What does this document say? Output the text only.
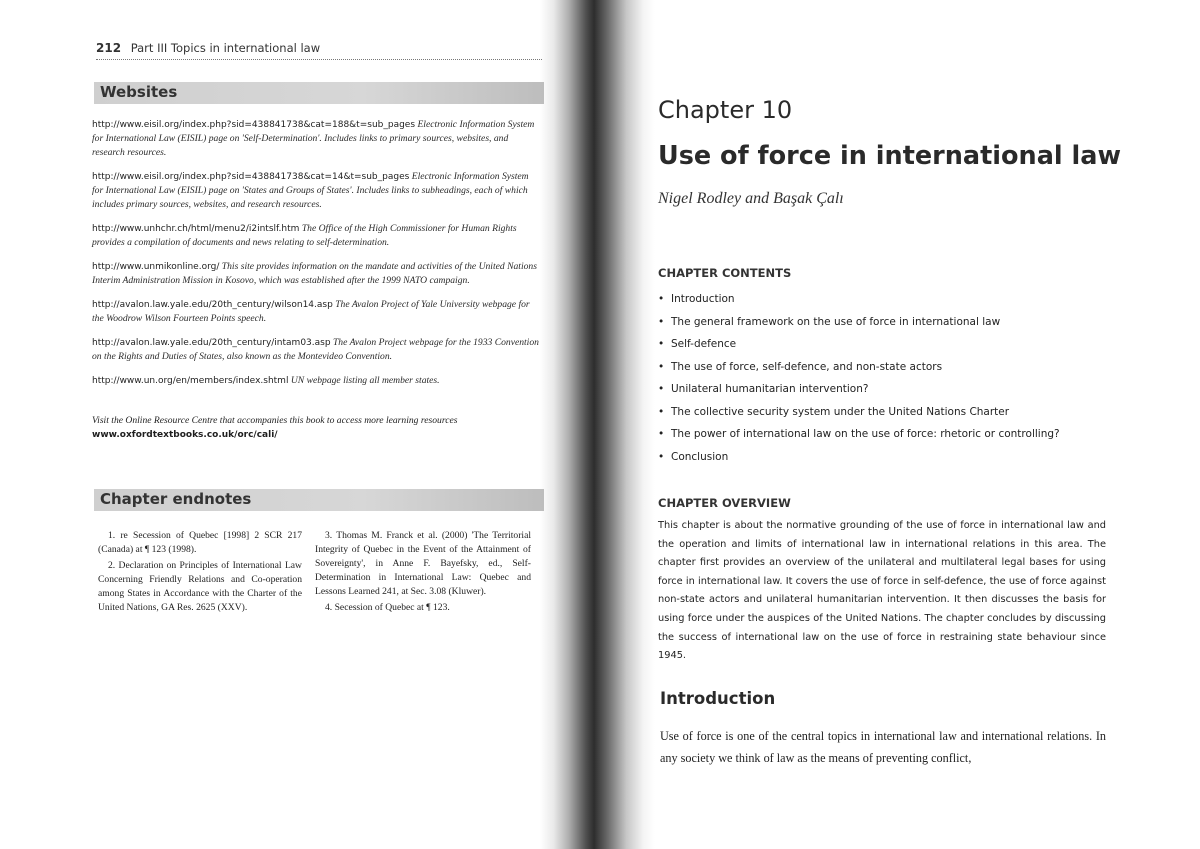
212 Part III Topics in international law
Websites

http://www.eisil.org/index.php?sid=438841738&cat=188&t=sub_pages Electronic Information System for International Law (EISIL) page on 'Self-Determination'. Includes links to primary sources, websites, and research resources.

http://www.eisil.org/index.php?sid=438841738&cat=14&t=sub_pages Electronic Information System for International Law (EISIL) page on 'States and Groups of States'. Includes links to subheadings, each of which includes primary sources, websites, and research resources.

http://www.unhchr.ch/html/menu2/i2intslf.htm The Office of the High Commissioner for Human Rights provides a compilation of documents and news relating to self-determination.

http://www.unmikonline.org/ This site provides information on the mandate and activities of the United Nations Interim Administration Mission in Kosovo, which was established after the 1999 NATO campaign.

http://avalon.law.yale.edu/20th_century/wilson14.asp The Avalon Project of Yale University webpage for the Woodrow Wilson Fourteen Points speech.

http://avalon.law.yale.edu/20th_century/intam03.asp The Avalon Project webpage for the 1933 Convention on the Rights and Duties of States, also known as the Montevideo Convention.

http://www.un.org/en/members/index.shtml UN webpage listing all member states.

Visit the Online Resource Centre that accompanies this book to access more learning resources
www.oxfordtextbooks.co.uk/orc/cali/
Chapter endnotes

1. re Secession of Quebec [1998] 2 SCR 217 (Canada) at ¶ 123 (1998).

2. Declaration on Principles of International Law Concerning Friendly Relations and Co-operation among States in Accordance with the Charter of the United Nations, GA Res. 2625 (XXV).

3. Thomas M. Franck et al. (2000) 'The Territorial Integrity of Quebec in the Event of the Attainment of Sovereignty', in Anne F. Bayefsky, ed., Self-Determination in International Law: Quebec and Lessons Learned 241, at Sec. 3.08 (Kluwer).

4. Secession of Quebec at ¶ 123.

Chapter 10
Use of force in international law
Nigel Rodley and Başak Çalı
CHAPTER CONTENTS
• Introduction
• The general framework on the use of force in international law
• Self-defence
• The use of force, self-defence, and non-state actors
• Unilateral humanitarian intervention?
• The collective security system under the United Nations Charter
• The power of international law on the use of force: rhetoric or controlling?
• Conclusion
CHAPTER OVERVIEW
This chapter is about the normative grounding of the use of force in international law and the operation and limits of international law in international relations in this area. The chapter first provides an overview of the unilateral and multilateral legal bases for using force in international law. It covers the use of force in self-defence, the use of force against non-state actors and unilateral humanitarian intervention. It then discusses the basis for using force under the auspices of the United Nations. The chapter concludes by discussing the success of international law on the use of force in restraining state behaviour since 1945.
Introduction
Use of force is one of the central topics in international law and international relations. In any society we think of law as the means of preventing conflict,
